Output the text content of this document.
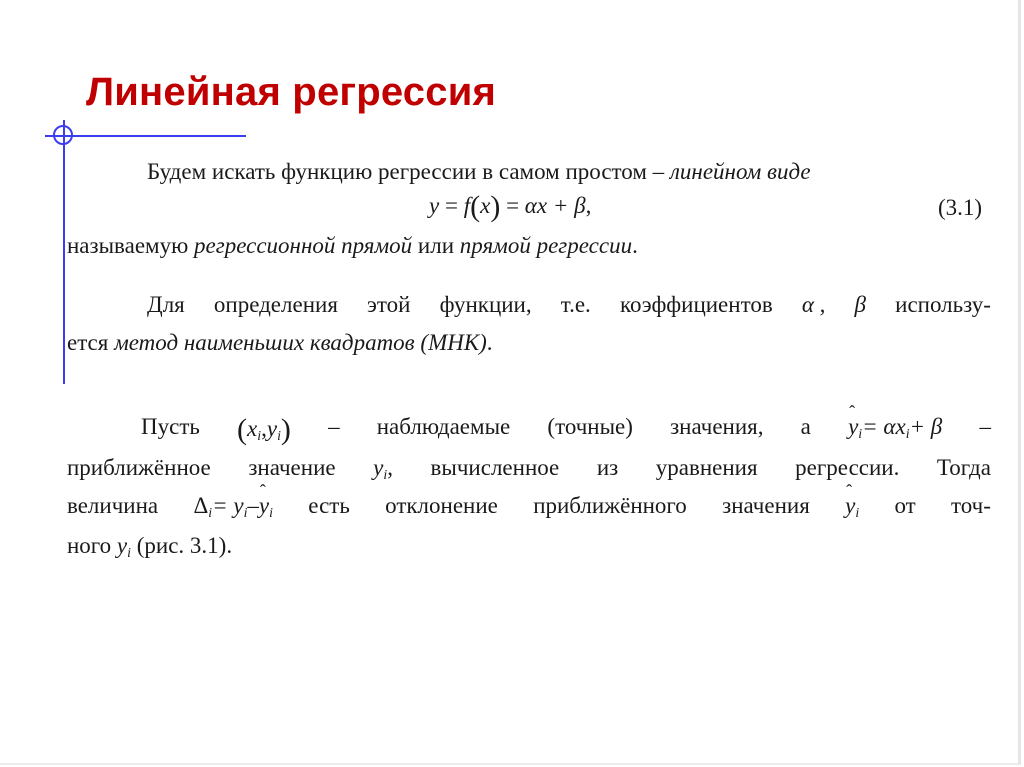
Линейная регрессия
Будем искать функцию регрессии в самом простом – линейном виде
y = f(x) = αx + β,	(3.1)
называемую регрессионной прямой или прямой регрессии.
Для определения этой функции, т.е. коэффициентов α , β использу-
ется метод наименьших квадратов (МНК).
Пусть $(x_i,y_i)$ – наблюдаемые (точные) значения, а ˆ $y_i= \alpha x_i+ \beta$ –
приближённое значение $y_i$, вычисленное из уравнения регрессии. Тогда
величина $\Delta_i=$ $y_i-ˆ$ $y_i$ есть отклонение приближённого значения ˆ $y_i$ от точ-
ного $y_i$ (рис. 3.1).
